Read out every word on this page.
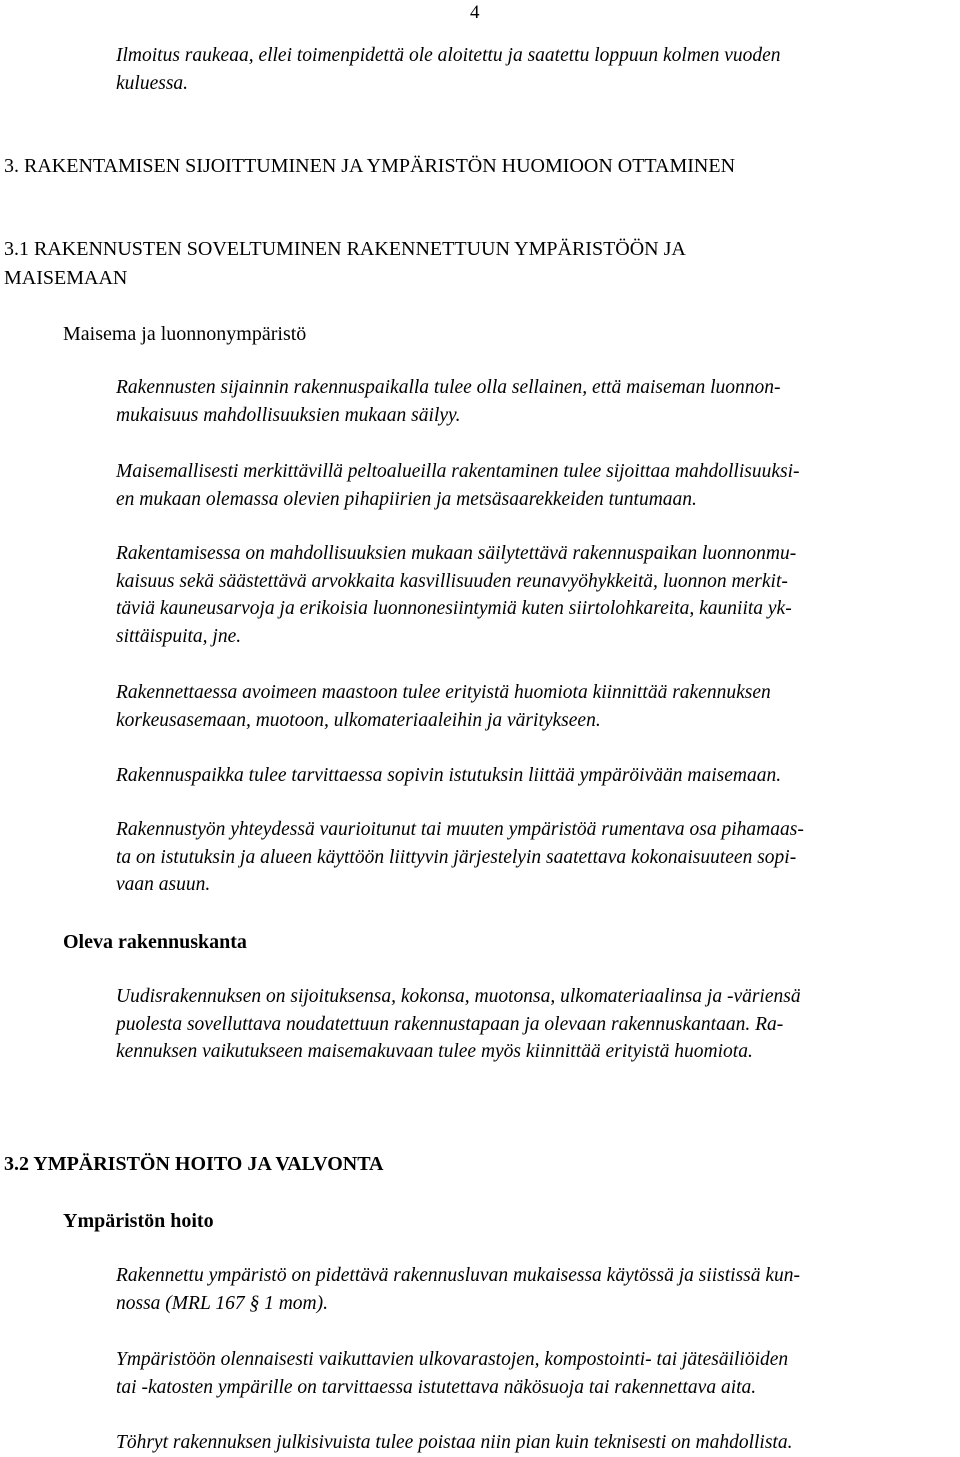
4
Ilmoitus raukeaa, ellei toimenpidettä ole aloitettu ja saatettu loppuun kolmen vuoden
kuluessa.
3. RAKENTAMISEN SIJOITTUMINEN JA YMPÄRISTÖN HUOMIOON OTTAMINEN
3.1 RAKENNUSTEN SOVELTUMINEN RAKENNETTUUN YMPÄRISTÖÖN JA
MAISEMAAN
Maisema ja luonnonympäristö
Rakennusten sijainnin rakennuspaikalla tulee olla sellainen, että maiseman luonnon-
mukaisuus mahdollisuuksien mukaan säilyy.
Maisemallisesti merkittävillä peltoalueilla rakentaminen tulee sijoittaa mahdollisuuksi-
en mukaan olemassa olevien pihapiirien ja metsäsaarekkeiden tuntumaan.
Rakentamisessa on mahdollisuuksien mukaan säilytettävä rakennuspaikan luonnonmu-
kaisuus sekä säästettävä arvokkaita kasvillisuuden reunavyöhykkeitä, luonnon merkit-
täviä kauneusarvoja ja erikoisia luonnonesiintymiä kuten siirtolohkareita, kauniita yk-
sittäispuita, jne.
Rakennettaessa avoimeen maastoon tulee erityistä huomiota kiinnittää rakennuksen
korkeusasemaan, muotoon, ulkomateriaaleihin ja väritykseen.
Rakennuspaikka tulee tarvittaessa sopivin istutuksin liittää ympäröivään maisemaan.
Rakennustyön yhteydessä vaurioitunut tai muuten ympäristöä rumentava osa pihamaas-
ta on istutuksin ja alueen käyttöön liittyvin järjestelyin saatettava kokonaisuuteen sopi-
vaan asuun.
Oleva rakennuskanta
Uudisrakennuksen on sijoituksensa, kokonsa, muotonsa, ulkomateriaalinsa ja -väriensä
puolesta sovelluttava noudatettuun rakennustapaan ja olevaan rakennuskantaan. Ra-
kennuksen vaikutukseen maisemakuvaan tulee myös kiinnittää erityistä huomiota.
3.2 YMPÄRISTÖN HOITO JA VALVONTA
Ympäristön hoito
Rakennettu ympäristö on pidettävä rakennusluvan mukaisessa käytössä ja siistissä kun-
nossa (MRL 167 § 1 mom).
Ympäristöön olennaisesti vaikuttavien ulkovarastojen, kompostointi- tai jätesäiliöiden
tai -katosten ympärille on tarvittaessa istutettava näkösuoja tai rakennettava aita.
Töhryt rakennuksen julkisivuista tulee poistaa niin pian kuin teknisesti on mahdollista.
